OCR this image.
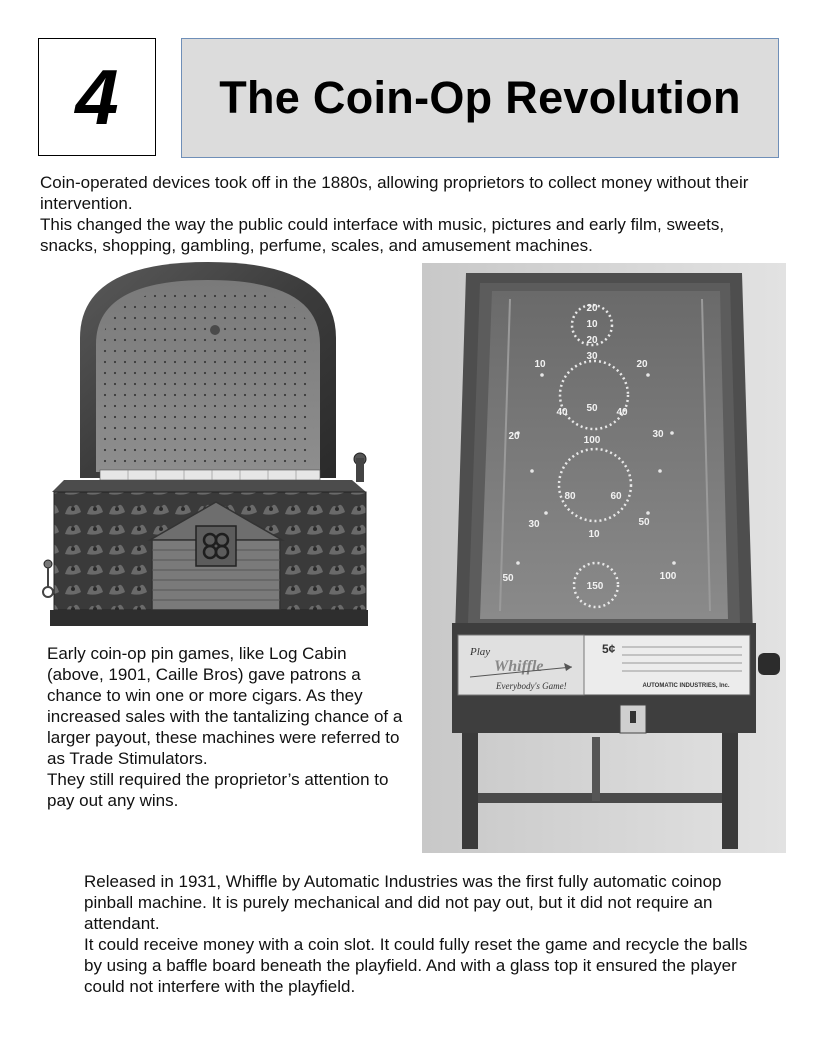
4 The Coin-Op Revolution

Coin-operated devices took off in the 1880s, allowing proprietors to collect money without their intervention.

This changed the way the public could interface with music, pictures and early film, sweets, snacks, shopping, gambling, perfume, scales, and amusement machines.

Early coin-op pin games, like Log Cabin (above, 1901, Caille Bros) gave patrons a chance to win one or more cigars. As they increased sales with the tantalizing chance of a larger payout, these machines were referred to as Trade Stimulators.

They still required the proprietor’s attention to pay out any wins.

20
10
20
30
10	20
40 50 40
20	100
30
80	60
30
10
50
50
150
100
Play
Whiffle
Everybody's Game!
5¢
AUTOMATIC INDUSTRIES, Inc.

Released in 1931, Whiffle by Automatic Industries was the first fully automatic coinop pinball machine. It is purely mechanical and did not pay out, but it did not require an attendant.

It could receive money with a coin slot. It could fully reset the game and recycle the balls by using a baffle board beneath the playfield. And with a glass top it ensured the player could not interfere with the playfield.
